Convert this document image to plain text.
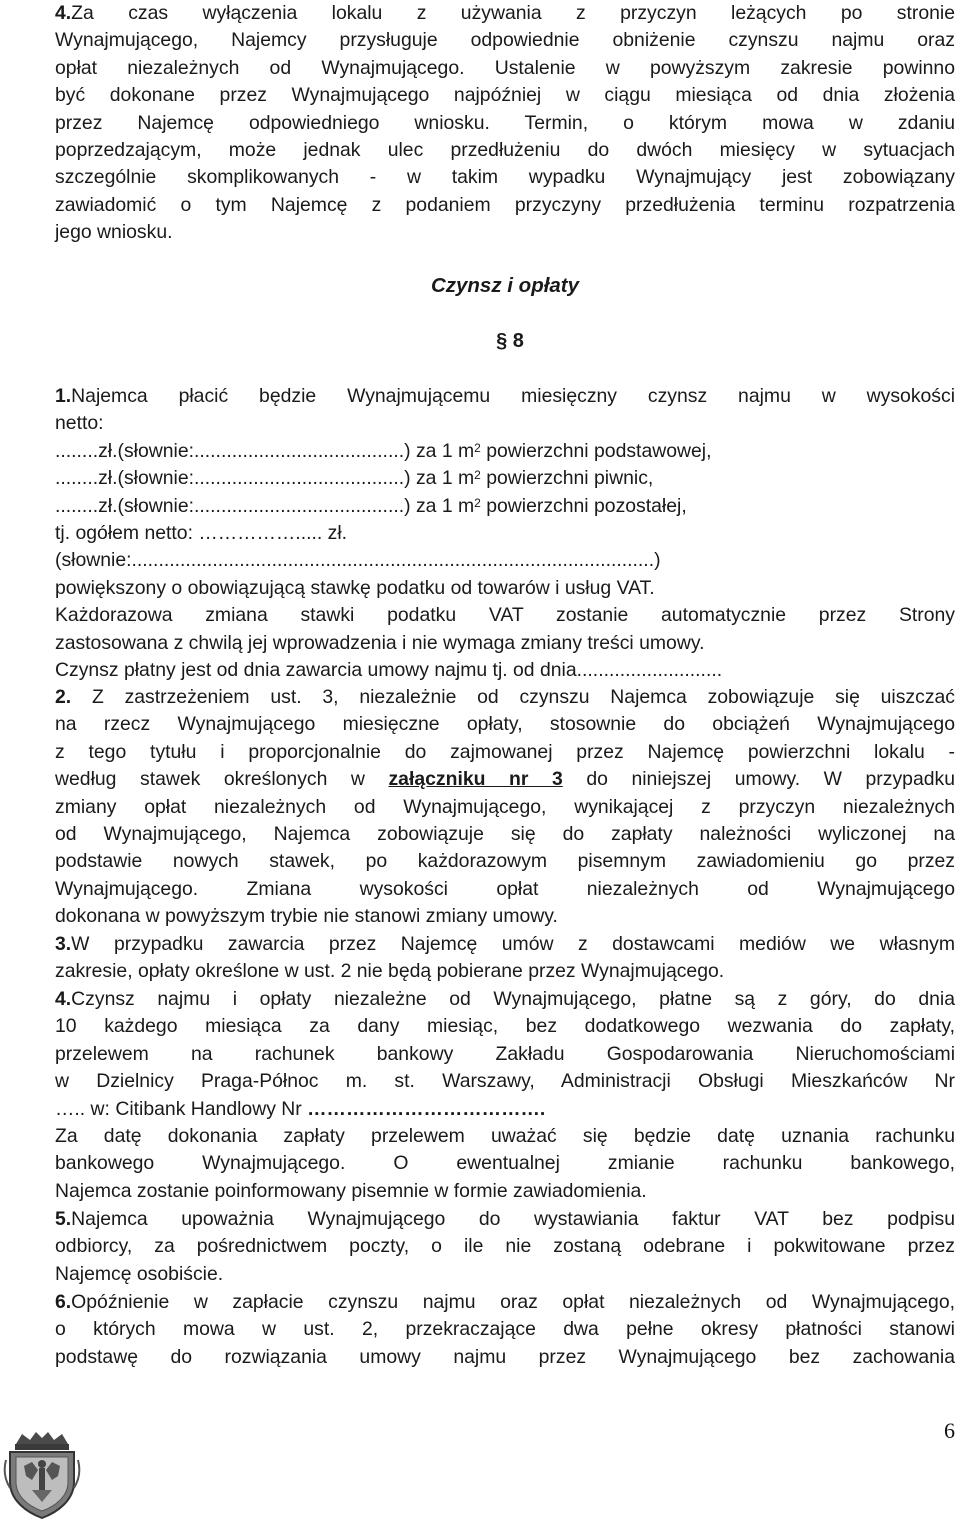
4.Za czas wyłączenia lokalu z używania z przyczyn leżących po stronie

Wynajmującego, Najemcy przysługuje odpowiednie obniżenie czynszu najmu oraz

opłat niezależnych od Wynajmującego. Ustalenie w powyższym zakresie powinno

być dokonane przez Wynajmującego najpóźniej w ciągu miesiąca od dnia złożenia

przez Najemcę odpowiedniego wniosku. Termin, o którym mowa w zdaniu

poprzedzającym, może jednak ulec przedłużeniu do dwóch miesięcy w sytuacjach

szczególnie skomplikowanych - w takim wypadku Wynajmujący jest zobowiązany

zawiadomić o tym Najemcę z podaniem przyczyny przedłużenia terminu rozpatrzenia

jego wniosku.

Czynsz i opłaty

§ 8

1.Najemca płacić będzie Wynajmującemu miesięczny czynsz najmu w wysokości

netto:

........zł.(słownie:.......................................) za 1 $m^2$ powierzchni podstawowej,

........zł.(słownie:.......................................) za 1 $m^2$ powierzchni piwnic,

........zł.(słownie:.......................................) za 1 $m^2$ powierzchni pozostałej,

tj. ogółem netto: ……………..... zł.

(słownie:.................................................................................................)

powiększony o obowiązującą stawkę podatku od towarów i usług VAT.

Każdorazowa zmiana stawki podatku VAT zostanie automatycznie przez Strony

zastosowana z chwilą jej wprowadzenia i nie wymaga zmiany treści umowy.

Czynsz płatny jest od dnia zawarcia umowy najmu tj. od dnia...........................

2. Z zastrzeżeniem ust. 3, niezależnie od czynszu Najemca zobowiązuje się uiszczać

na rzecz Wynajmującego miesięczne opłaty, stosownie do obciążeń Wynajmującego

z tego tytułu i proporcjonalnie do zajmowanej przez Najemcę powierzchni lokalu -

według stawek określonych w załączniku nr 3 do niniejszej umowy. W przypadku

zmiany opłat niezależnych od Wynajmującego, wynikającej z przyczyn niezależnych

od Wynajmującego, Najemca zobowiązuje się do zapłaty należności wyliczonej na

podstawie nowych stawek, po każdorazowym pisemnym zawiadomieniu go przez

Wynajmującego. Zmiana wysokości opłat niezależnych od Wynajmującego

dokonana w powyższym trybie nie stanowi zmiany umowy.

3.W przypadku zawarcia przez Najemcę umów z dostawcami mediów we własnym

zakresie, opłaty określone w ust. 2 nie będą pobierane przez Wynajmującego.

4.Czynsz najmu i opłaty niezależne od Wynajmującego, płatne są z góry, do dnia

10 każdego miesiąca za dany miesiąc, bez dodatkowego wezwania do zapłaty,

przelewem na rachunek bankowy Zakładu Gospodarowania Nieruchomościami

w Dzielnicy Praga-Północ m. st. Warszawy, Administracji Obsługi Mieszkańców Nr

….. w: Citibank Handlowy Nr ……………………………….

Za datę dokonania zapłaty przelewem uważać się będzie datę uznania rachunku

bankowego Wynajmującego. O ewentualnej zmianie rachunku bankowego,

Najemca zostanie poinformowany pisemnie w formie zawiadomienia.

5.Najemca upoważnia Wynajmującego do wystawiania faktur VAT bez podpisu

odbiorcy, za pośrednictwem poczty, o ile nie zostaną odebrane i pokwitowane przez

Najemcę osobiście.

6.Opóźnienie w zapłacie czynszu najmu oraz opłat niezależnych od Wynajmującego,

o których mowa w ust. 2, przekraczające dwa pełne okresy płatności stanowi

podstawę do rozwiązania umowy najmu przez Wynajmującego bez zachowania

6
